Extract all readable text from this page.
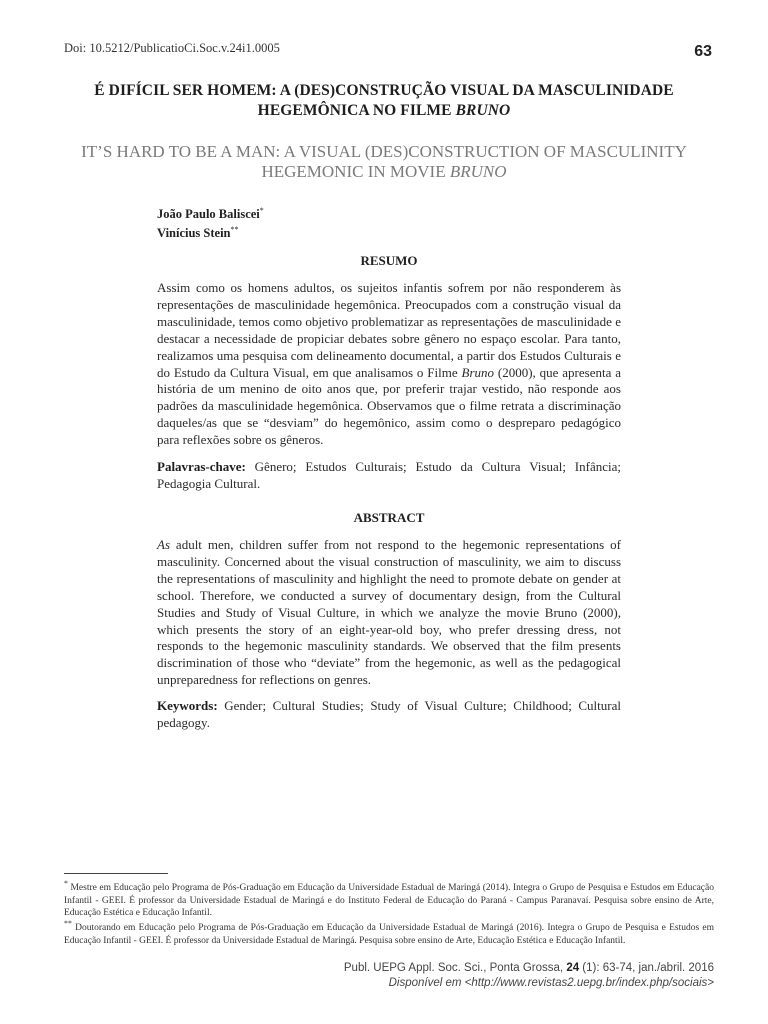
Doi: 10.5212/PublicatioCi.Soc.v.24i1.0005	63
É DIFÍCIL SER HOMEM: A (DES)CONSTRUÇÃO VISUAL DA MASCULINIDADE
HEGEMÔNICA NO FILME BRUNO
IT’S HARD TO BE A MAN: A VISUAL (DES)CONSTRUCTION OF MASCULINITY
HEGEMONIC IN MOVIE BRUNO
João Paulo Baliscei*
Vinícius Stein**
RESUMO
Assim como os homens adultos, os sujeitos infantis sofrem por não responderem às representações de masculinidade hegemônica. Preocupados com a construção visual da masculinidade, temos como objetivo problematizar as representações de masculinidade e destacar a necessidade de propiciar debates sobre gênero no espaço escolar. Para tanto, realizamos uma pesquisa com delineamento documental, a partir dos Estudos Culturais e do Estudo da Cultura Visual, em que analisamos o Filme Bruno (2000), que apresenta a história de um menino de oito anos que, por preferir trajar vestido, não responde aos padrões da masculinidade hegemônica. Observamos que o filme retrata a discriminação daqueles/as que se “desviam” do hegemônico, assim como o despreparo pedagógico para reflexões sobre os gêneros.
Palavras-chave: Gênero; Estudos Culturais; Estudo da Cultura Visual; Infância; Pedagogia Cultural.
ABSTRACT
As adult men, children suffer from not respond to the hegemonic representations of masculinity. Concerned about the visual construction of masculinity, we aim to discuss the representations of masculinity and highlight the need to promote debate on gender at school. Therefore, we conducted a survey of documentary design, from the Cultural Studies and Study of Visual Culture, in which we analyze the movie Bruno (2000), which presents the story of an eight-year-old boy, who prefer dressing dress, not responds to the hegemonic masculinity standards. We observed that the film presents discrimination of those who “deviate” from the hegemonic, as well as the pedagogical unpreparedness for reflections on genres.
Keywords: Gender; Cultural Studies; Study of Visual Culture; Childhood; Cultural pedagogy.
* Mestre em Educação pelo Programa de Pós-Graduação em Educação da Universidade Estadual de Maringá (2014). Integra o Grupo de Pesquisa e Estudos em Educação Infantil - GEEI. É professor da Universidade Estadual de Maringá e do Instituto Federal de Educação do Paraná - Campus Paranavaí. Pesquisa sobre ensino de Arte, Educação Estética e Educação Infantil.
** Doutorando em Educação pelo Programa de Pós-Graduação em Educação da Universidade Estadual de Maringá (2016). Integra o Grupo de Pesquisa e Estudos em Educação Infantil - GEEI. É professor da Universidade Estadual de Maringá. Pesquisa sobre ensino de Arte, Educação Estética e Educação Infantil.
Publ. UEPG Appl. Soc. Sci., Ponta Grossa, 24 (1): 63-74, jan./abril. 2016
Disponível em <http://www.revistas2.uepg.br/index.php/sociais>
